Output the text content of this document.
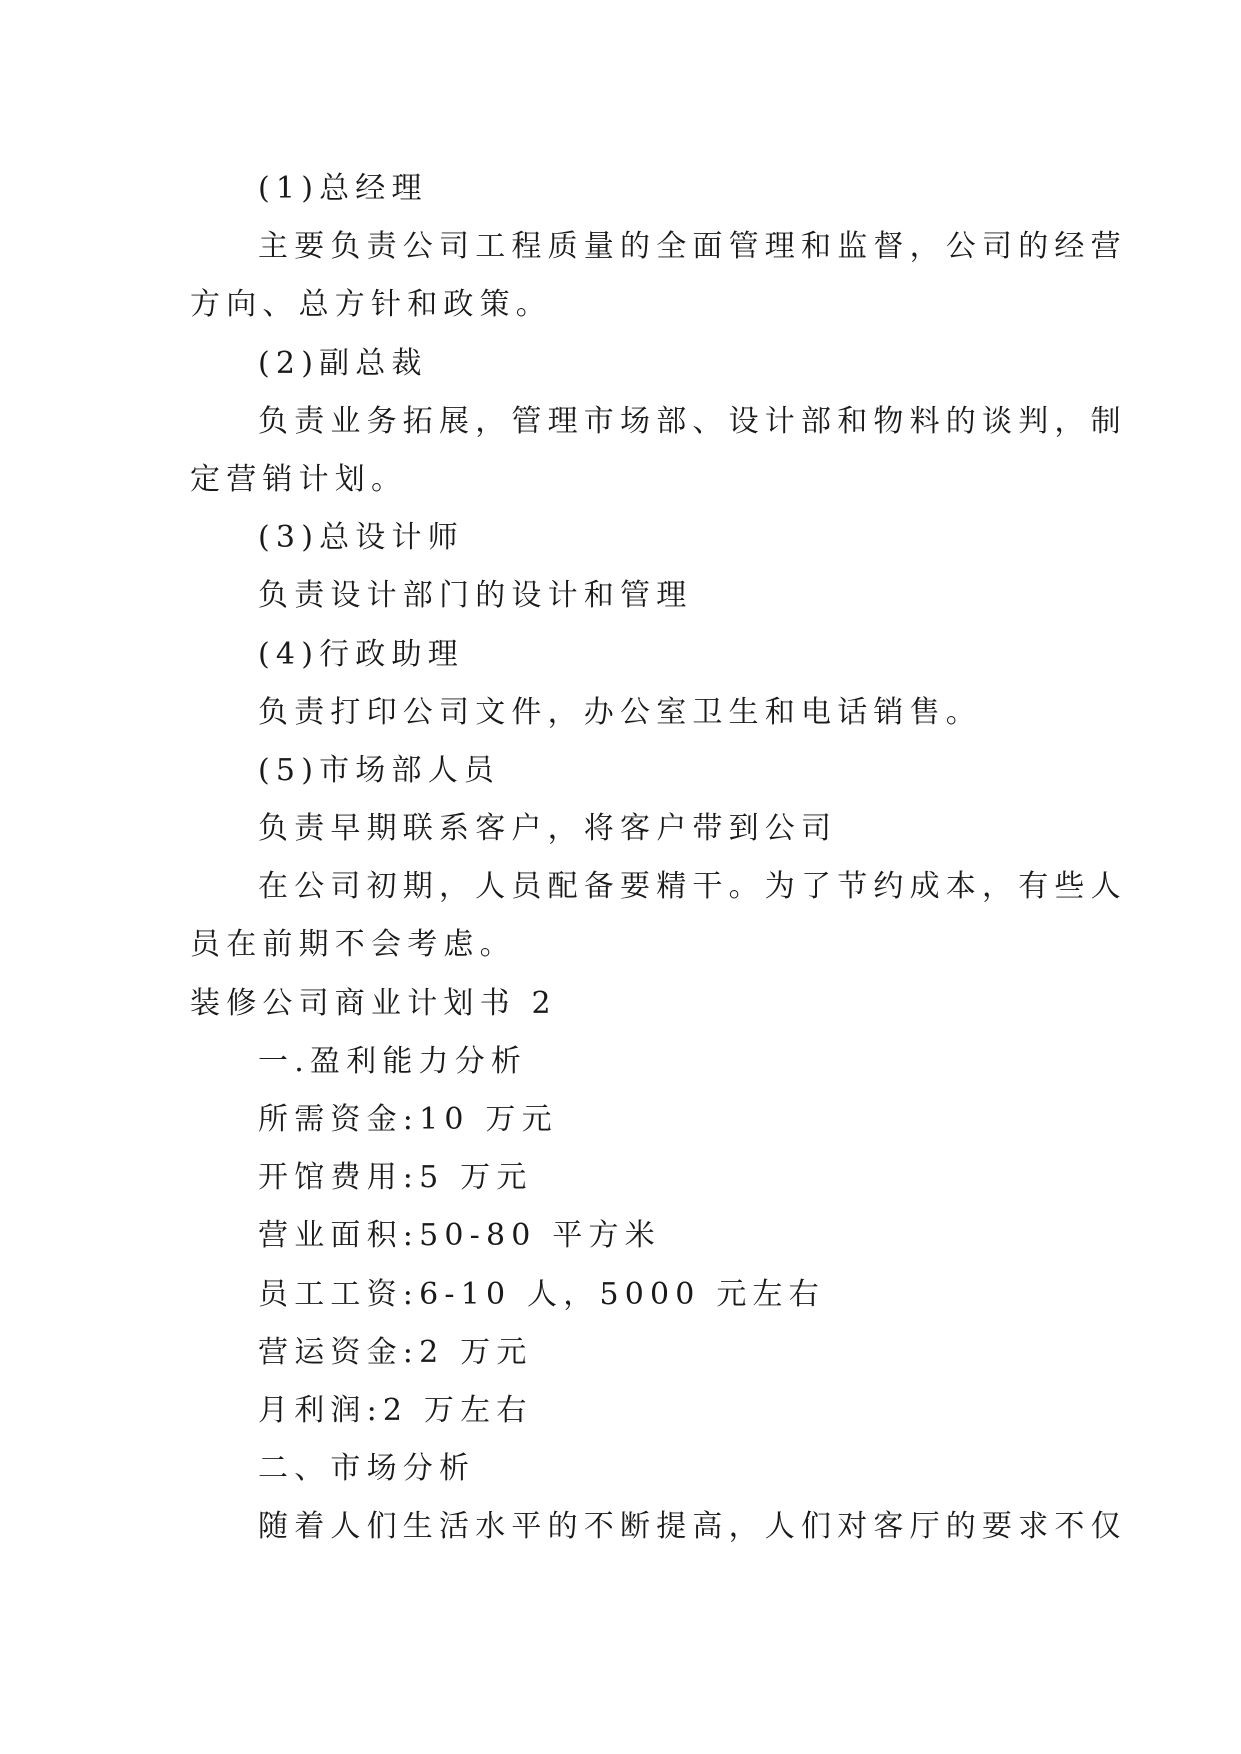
(1)总经理
主要负责公司工程质量的全面管理和监督，公司的经营
方向、总方针和政策。
(2)副总裁
负责业务拓展，管理市场部、设计部和物料的谈判，制
定营销计划。
(3)总设计师
负责设计部门的设计和管理
(4)行政助理
负责打印公司文件，办公室卫生和电话销售。
(5)市场部人员
负责早期联系客户，将客户带到公司
在公司初期，人员配备要精干。为了节约成本，有些人
员在前期不会考虑。
装修公司商业计划书 2
一.盈利能力分析
所需资金:10 万元
开馆费用:5 万元
营业面积:50-80 平方米
员工工资:6-10 人，5000 元左右
营运资金:2 万元
月利润:2 万左右
二、市场分析
随着人们生活水平的不断提高，人们对客厅的要求不仅
